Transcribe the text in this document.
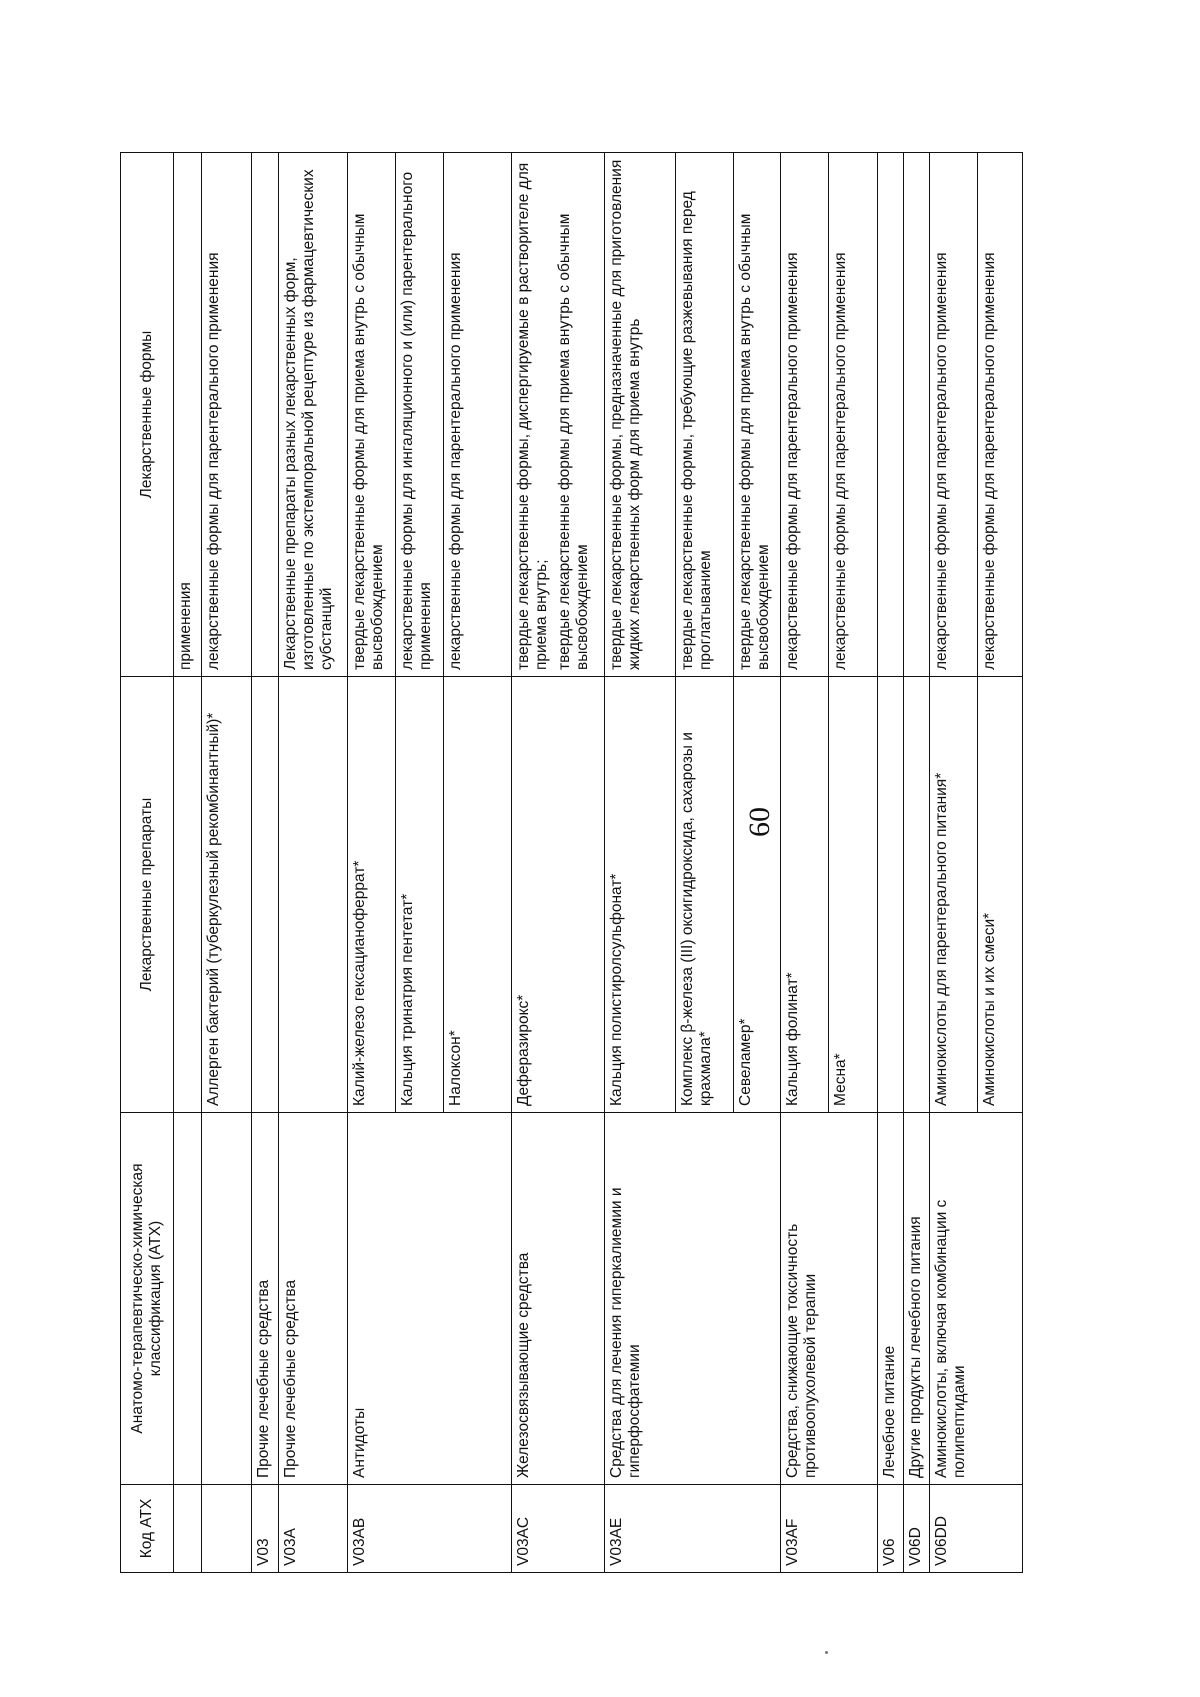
60
Код АТХ	Анатомо-терапевтическо-химическая классификация (АТХ)	Лекарственные препараты	Лекарственные формы
			применения
		Аллерген бактерий (туберкулезный рекомбинантный)*	лекарственные формы для парентерального применения
V03	Прочие лечебные средства		
V03A	Прочие лечебные средства		Лекарственные препараты разных лекарственных форм, изготовленные по экстемпоральной рецептуре из фармацевтических субстанций
V03AB	Антидоты	Калий-железо гексацианоферрат*	твердые лекарственные формы для приема внутрь с обычным высвобождением
		Кальция тринатрия пентетат*	лекарственные формы для ингаляционного и (или) парентерального применения
		Налоксон*	лекарственные формы для парентерального применения
V03AC	Железосвязывающие средства	Деферазирокс*	твердые лекарственные формы, диспергируемые в растворителе для приема внутрь; твердые лекарственные формы для приема внутрь с обычным высвобождением

V03AE	Средства для лечения гиперкалиемии и гиперфосфатемии	Кальция полистиролсульфонат*	твердые лекарственные формы, предназначенные для приготовления жидких лекарственных форм для приема внутрь
		Комплекс β-железа (III) оксигидроксида, сахарозы и крахмала*	твердые лекарственные формы, требующие разжевывания перед проглатыванием
		Севеламер*	твердые лекарственные формы для приема внутрь с обычным высвобождением
V03AF	Средства, снижающие токсичность противоопухолевой терапии	Кальция фолинат*	лекарственные формы для парентерального применения
		Месна*	лекарственные формы для парентерального применения
V06	Лечебное питание		
V06D	Другие продукты лечебного питания		
V06DD	Аминокислоты, включая комбинации с полипептидами	Аминокислоты для парентерального питания*	лекарственные формы для парентерального применения
		Аминокислоты и их смеси*	лекарственные формы для парентерального применения
